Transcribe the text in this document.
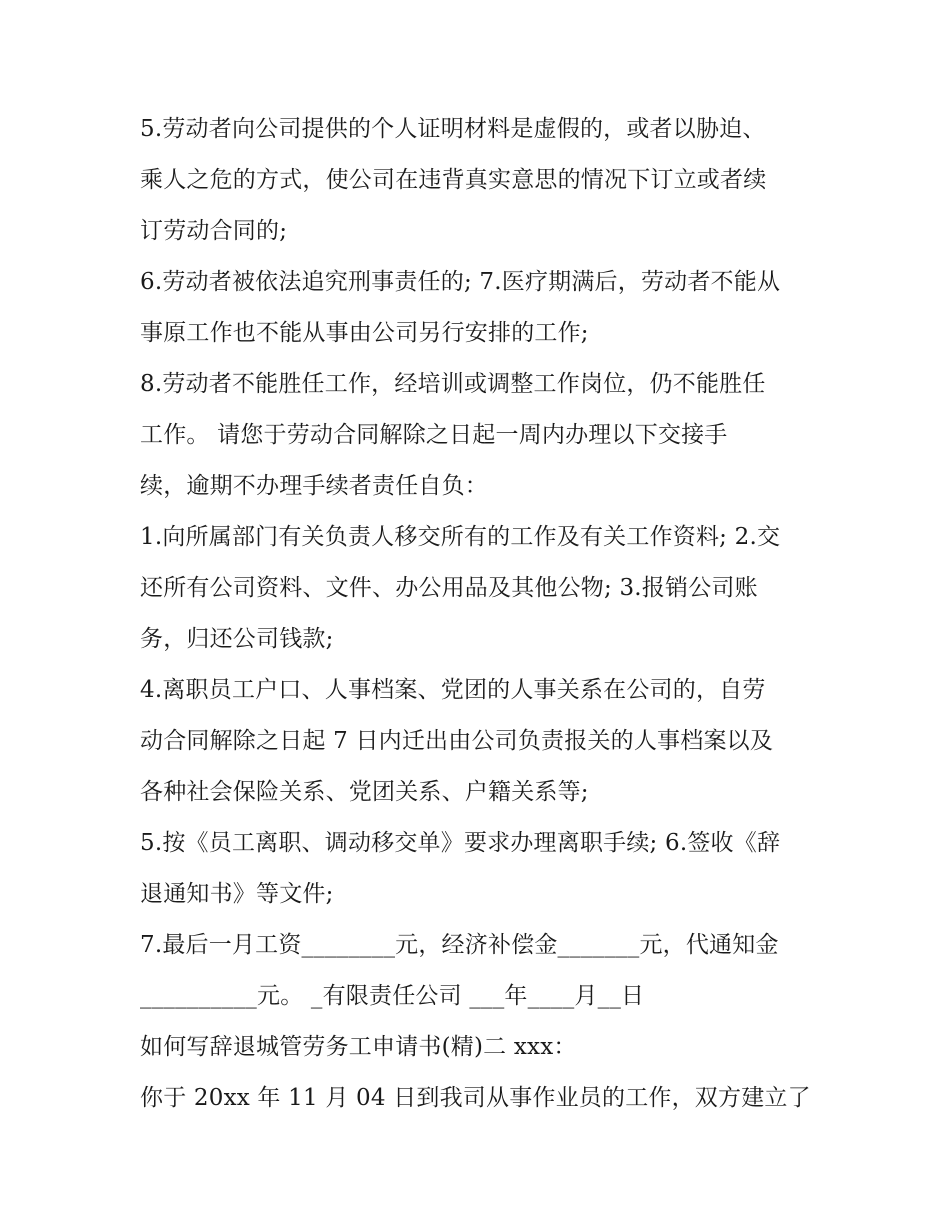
5.劳动者向公司提供的个人证明材料是虚假的，或者以胁迫、
乘人之危的方式，使公司在违背真实意思的情况下订立或者续
订劳动合同的;
6.劳动者被依法追究刑事责任的; 7.医疗期满后，劳动者不能从
事原工作也不能从事由公司另行安排的工作;
8.劳动者不能胜任工作，经培训或调整工作岗位，仍不能胜任
工作。 请您于劳动合同解除之日起一周内办理以下交接手
续，逾期不办理手续者责任自负：
1.向所属部门有关负责人移交所有的工作及有关工作资料; 2.交
还所有公司资料、文件、办公用品及其他公物; 3.报销公司账
务，归还公司钱款;
4.离职员工户口、人事档案、党团的人事关系在公司的，自劳
动合同解除之日起 7 日内迁出由公司负责报关的人事档案以及
各种社会保险关系、党团关系、户籍关系等;
5.按《员工离职、调动移交单》要求办理离职手续; 6.签收《辞
退通知书》等文件;
7.最后一月工资________元，经济补偿金_______元，代通知金
__________元。 _有限责任公司 ___年____月__日
如何写辞退城管劳务工申请书(精)二 xxx：
你于 20xx 年 11 月 04 日到我司从事作业员的工作，双方建立了
